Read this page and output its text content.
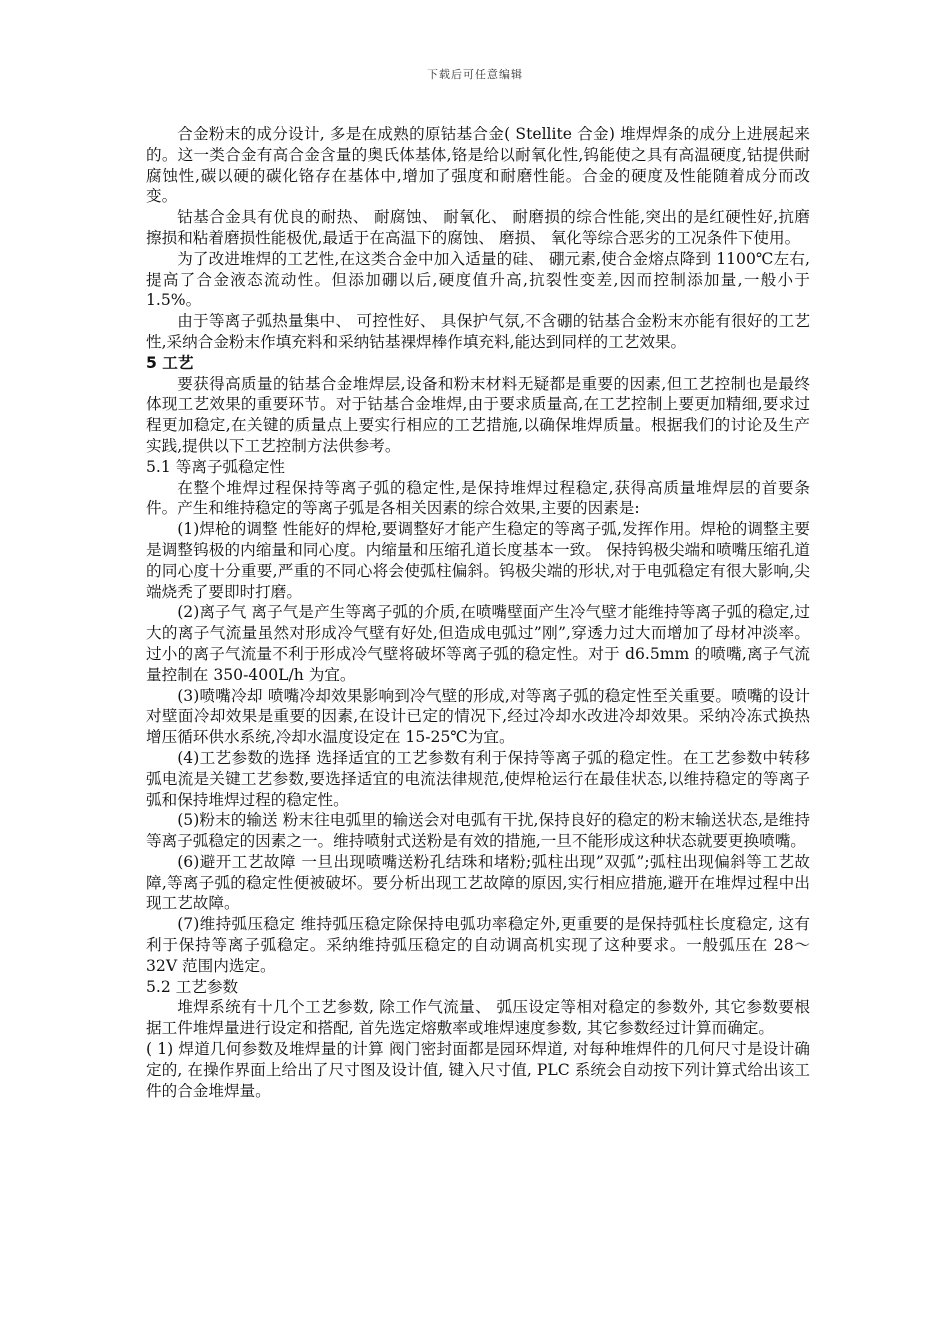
下载后可任意编辑

合金粉末的成分设计, 多是在成熟的原钴基合金( Stellite 合金) 堆焊焊条的成分上进展起来的。这一类合金有高合金含量的奥氏体基体,铬是给以耐氧化性,钨能使之具有高温硬度,钴提供耐腐蚀性,碳以硬的碳化铬存在基体中,增加了强度和耐磨性能。合金的硬度及性能随着成分而改变。

钴基合金具有优良的耐热、 耐腐蚀、 耐氧化、 耐磨损的综合性能,突出的是红硬性好,抗磨擦损和粘着磨损性能极优,最适于在高温下的腐蚀、 磨损、 氧化等综合恶劣的工况条件下使用。

为了改进堆焊的工艺性,在这类合金中加入适量的硅、 硼元素,使合金熔点降到 1100℃左右,提高了合金液态流动性。但添加硼以后,硬度值升高,抗裂性变差,因而控制添加量,一般小于 1.5%。

由于等离子弧热量集中、 可控性好、 具保护气氛,不含硼的钴基合金粉末亦能有很好的工艺性,采纳合金粉末作填充料和采纳钴基裸焊棒作填充料,能达到同样的工艺效果。

5 工艺

要获得高质量的钴基合金堆焊层,设备和粉末材料无疑都是重要的因素,但工艺控制也是最终体现工艺效果的重要环节。对于钴基合金堆焊,由于要求质量高,在工艺控制上要更加精细,要求过程更加稳定,在关键的质量点上要实行相应的工艺措施,以确保堆焊质量。根据我们的讨论及生产实践,提供以下工艺控制方法供参考。

5.1 等离子弧稳定性

在整个堆焊过程保持等离子弧的稳定性,是保持堆焊过程稳定,获得高质量堆焊层的首要条件。产生和维持稳定的等离子弧是各相关因素的综合效果,主要的因素是:

(1)焊枪的调整 性能好的焊枪,要调整好才能产生稳定的等离子弧,发挥作用。焊枪的调整主要是调整钨极的内缩量和同心度。内缩量和压缩孔道长度基本一致。 保持钨极尖端和喷嘴压缩孔道的同心度十分重要,严重的不同心将会使弧柱偏斜。钨极尖端的形状,对于电弧稳定有很大影响,尖端烧秃了要即时打磨。

(2)离子气 离子气是产生等离子弧的介质,在喷嘴壁面产生冷气壁才能维持等离子弧的稳定,过大的离子气流量虽然对形成冷气壁有好处,但造成电弧过”刚”,穿透力过大而增加了母材冲淡率。过小的离子气流量不利于形成冷气壁将破坏等离子弧的稳定性。对于 d6.5mm 的喷嘴,离子气流量控制在 350-400L/h 为宜。

(3)喷嘴冷却 喷嘴冷却效果影响到冷气壁的形成,对等离子弧的稳定性至关重要。喷嘴的设计对壁面冷却效果是重要的因素,在设计已定的情况下,经过冷却水改进冷却效果。采纳冷冻式换热增压循环供水系统,冷却水温度设定在 15-25℃为宜。

(4)工艺参数的选择 选择适宜的工艺参数有利于保持等离子弧的稳定性。在工艺参数中转移弧电流是关键工艺参数,要选择适宜的电流法律规范,使焊枪运行在最佳状态,以维持稳定的等离子弧和保持堆焊过程的稳定性。

(5)粉末的输送 粉末往电弧里的输送会对电弧有干扰,保持良好的稳定的粉末输送状态,是维持等离子弧稳定的因素之一。维持喷射式送粉是有效的措施,一旦不能形成这种状态就要更换喷嘴。

(6)避开工艺故障 一旦出现喷嘴送粉孔结珠和堵粉;弧柱出现”双弧”;弧柱出现偏斜等工艺故障,等离子弧的稳定性便被破坏。要分析出现工艺故障的原因,实行相应措施,避开在堆焊过程中出现工艺故障。

(7)维持弧压稳定 维持弧压稳定除保持电弧功率稳定外,更重要的是保持弧柱长度稳定, 这有利于保持等离子弧稳定。采纳维持弧压稳定的自动调高机实现了这种要求。一般弧压在 28～32V 范围内选定。

5.2 工艺参数

堆焊系统有十几个工艺参数, 除工作气流量、 弧压设定等相对稳定的参数外, 其它参数要根据工件堆焊量进行设定和搭配, 首先选定熔敷率或堆焊速度参数, 其它参数经过计算而确定。

( 1) 焊道几何参数及堆焊量的计算 阀门密封面都是园环焊道, 对每种堆焊件的几何尺寸是设计确定的, 在操作界面上给出了尺寸图及设计值, 键入尺寸值, PLC 系统会自动按下列计算式给出该工件的合金堆焊量。
